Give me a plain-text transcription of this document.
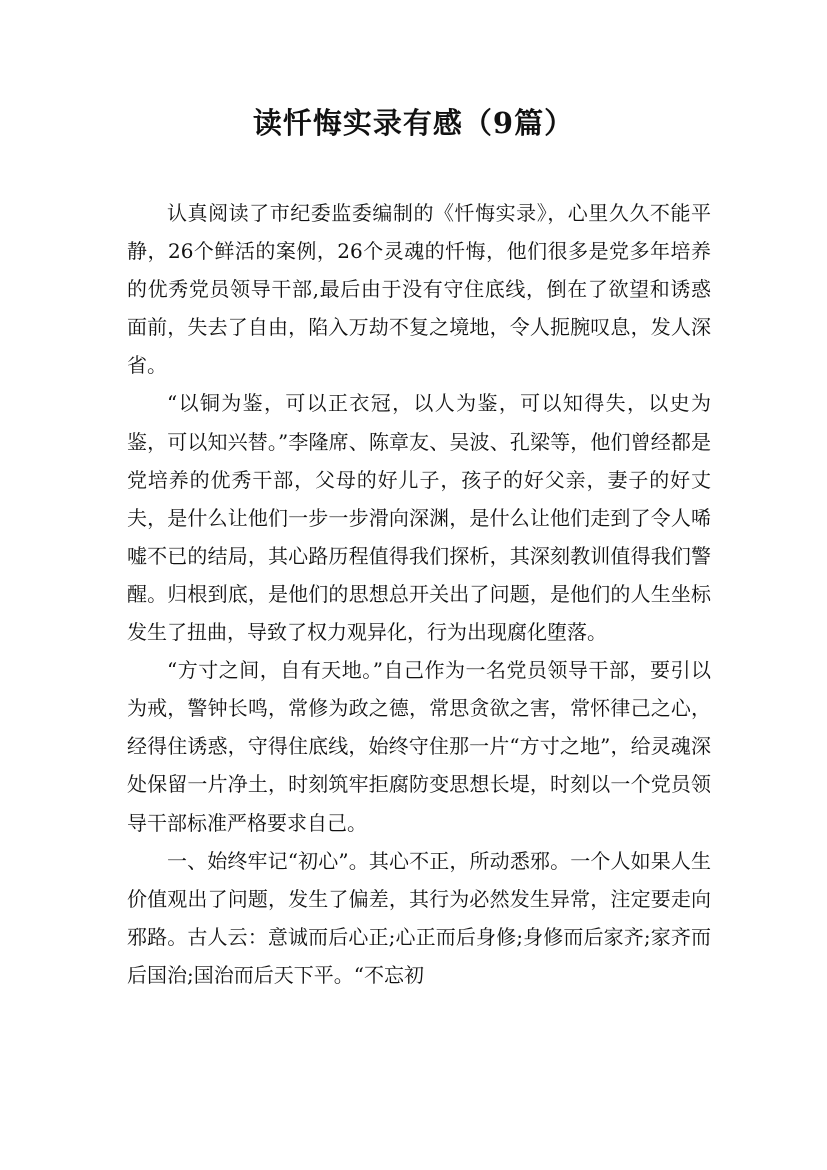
读忏悔实录有感（9篇）

认真阅读了市纪委监委编制的《忏悔实录》，心里久久不能平静，26个鲜活的案例，26个灵魂的忏悔，他们很多是党多年培养的优秀党员领导干部,最后由于没有守住底线，倒在了欲望和诱惑面前，失去了自由，陷入万劫不复之境地，令人扼腕叹息，发人深省。

“以铜为鉴，可以正衣冠，以人为鉴，可以知得失，以史为鉴，可以知兴替。”李隆席、陈章友、吴波、孔梁等，他们曾经都是党培养的优秀干部，父母的好儿子，孩子的好父亲，妻子的好丈夫，是什么让他们一步一步滑向深渊，是什么让他们走到了令人唏嘘不已的结局，其心路历程值得我们探析，其深刻教训值得我们警醒。归根到底，是他们的思想总开关出了问题，是他们的人生坐标发生了扭曲，导致了权力观异化，行为出现腐化堕落。

“方寸之间，自有天地。”自己作为一名党员领导干部，要引以为戒，警钟长鸣，常修为政之德，常思贪欲之害，常怀律己之心，经得住诱惑，守得住底线，始终守住那一片“方寸之地”，给灵魂深处保留一片净土，时刻筑牢拒腐防变思想长堤，时刻以一个党员领导干部标准严格要求自己。

一、始终牢记“初心”。其心不正，所动悉邪。一个人如果人生价值观出了问题，发生了偏差，其行为必然发生异常，注定要走向邪路。古人云：意诚而后心正;心正而后身修;身修而后家齐;家齐而后国治;国治而后天下平。“不忘初
